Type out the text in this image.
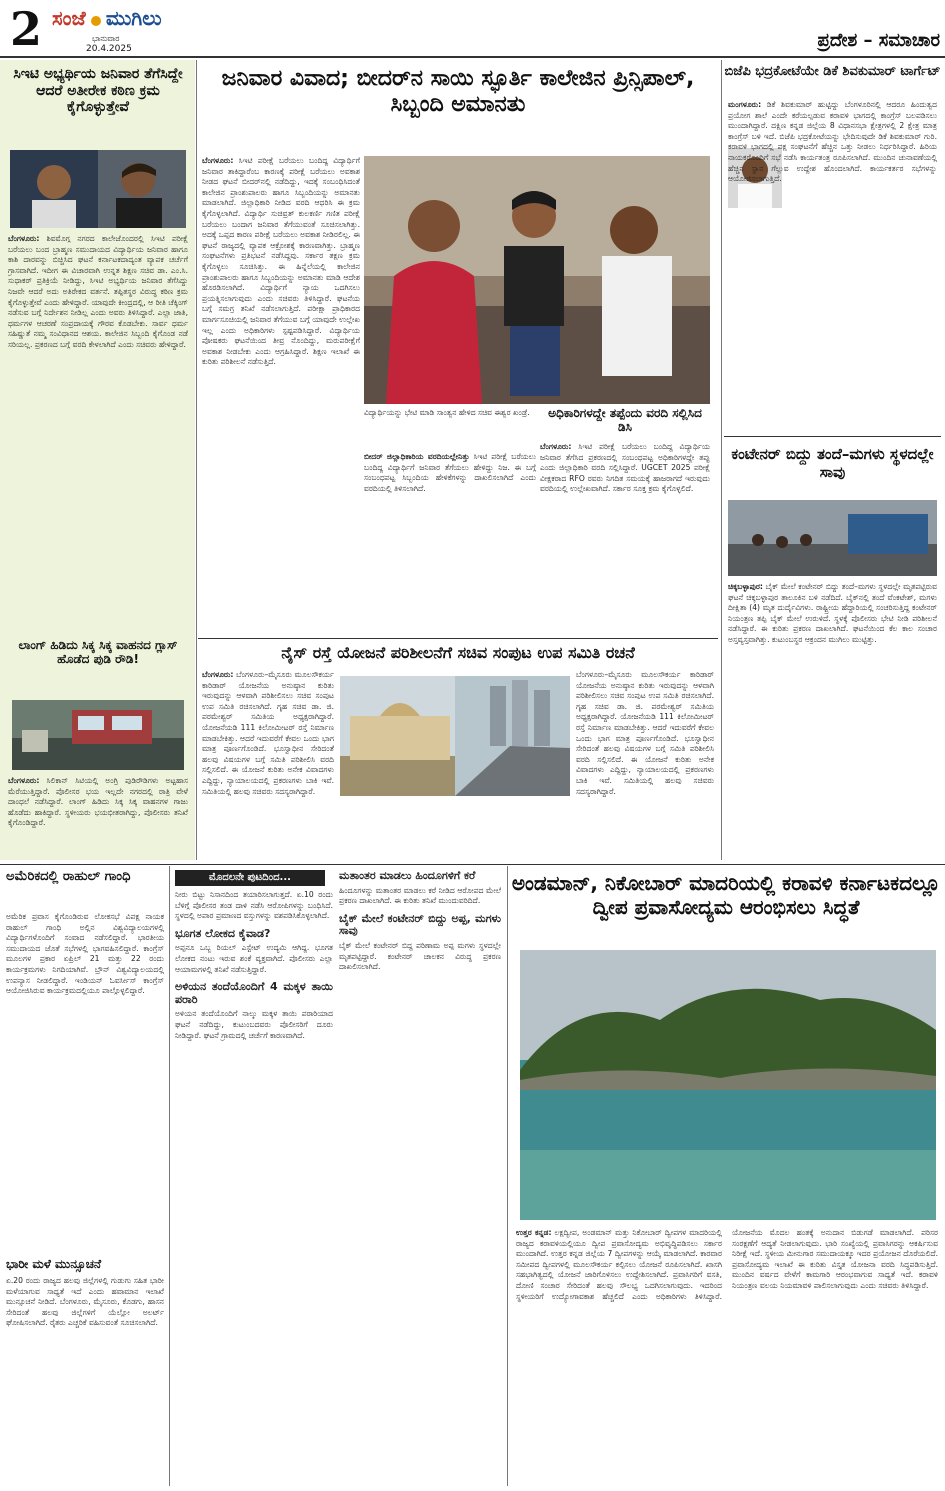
2 ಸಂಜೆ ಮುಗಿಲು
ಭಾನುವಾರ
20.4.2025	ಪ್ರದೇಶ – ಸಮಾಚಾರ
ಸಿಇಟಿ ಅಭ್ಯರ್ಥಿಯ ಜನಿವಾರ ತೆಗೆಸಿದ್ದೇ ಆದರೆ ಅತೀರೇಕ ಕಠಿಣ ಕ್ರಮ ಕೈಗೊಳ್ಳುತ್ತೇವೆ
ಬೆಂಗಳೂರು: ಶಿವಮೊಗ್ಗ ನಗರದ ಕಾಲೇಜೊಂದರಲ್ಲಿ ಸಿಇಟಿ ಪರೀಕ್ಷೆ ಬರೆಯಲು ಬಂದ ಬ್ರಾಹ್ಮಣ ಸಮುದಾಯದ ವಿದ್ಯಾರ್ಥಿಯ ಜನಿವಾರ ಹಾಗೂ ಕಾಶಿ ದಾರವನ್ನು ಬಿಚ್ಚಿಸಿದ ಘಟನೆ ಕರ್ನಾಟಕದಾದ್ಯಂತ ವ್ಯಾಪಕ ಚರ್ಚೆಗೆ ಗ್ರಾಸವಾಗಿದೆ. ಇದೀಗ ಈ ವಿಚಾರವಾಗಿ ಉನ್ನತ ಶಿಕ್ಷಣ ಸಚಿವ ಡಾ. ಎಂ.ಸಿ. ಸುಧಾಕರ್ ಪ್ರತಿಕ್ರಿಯೆ ನೀಡಿದ್ದು, ಸಿಇಟಿ ಅಭ್ಯರ್ಥಿಯ ಜನಿವಾರ ತೆಗೆಸಿದ್ದು ನಿಜವೇ ಆದರೆ ಅದು ಅತಿರೇಕದ ವರ್ತನೆ. ತಪ್ಪಿತಸ್ಥರ ವಿರುದ್ಧ ಕಠಿಣ ಕ್ರಮ ಕೈಗೊಳ್ಳುತ್ತೇವೆ ಎಂದು ಹೇಳಿದ್ದಾರೆ. ಯಾವುದೇ ಕೀಂದ್ರದಲ್ಲಿ, ಆ ರೀತಿ ಚೆಕ್ಕಿಂಗ್ ನಡೆಸುವ ಬಗ್ಗೆ ನಿರ್ದೇಶನ ನೀಡಿಲ್ಲ ಎಂದು ಅವರು ತಿಳಿಸಿದ್ದಾರೆ. ಎಲ್ಲಾ ಜಾತಿ, ಧರ್ಮಗಳ ಆಚರಣೆ ಸಂಪ್ರದಾಯಕ್ಕೆ ಗೌರವ ಕೊಡಬೇಕು. ಸಾರ್ವ ಧರ್ಮ ಸಹಿಷ್ಣುತೆ ನಮ್ಮ ಸಂವಿಧಾನದ ಆಶಯ. ಕಾಲೇಜಿನ ಸಿಬ್ಬಂದಿ ಕೈಗೊಂಡ ನಡೆ ಸರಿಯಲ್ಲ. ಪ್ರಕರಣದ ಬಗ್ಗೆ ವರದಿ ಕೇಳಲಾಗಿದೆ ಎಂದು ಸಚಿವರು ಹೇಳಿದ್ದಾರೆ.
ಲಾಂಗ್ ಹಿಡಿದು ಸಿಕ್ಕ ಸಿಕ್ಕ ವಾಹನದ ಗ್ಲಾಸ್ ಹೊಡೆದ ಪುಡಿ ರೌಡಿ!
ಬೆಂಗಳೂರು: ಸಿಲಿಕಾನ್ ಸಿಟಿಯಲ್ಲಿ ಅಂಗ್ರಿ ಪುಡಿರೌಡಿಗಳು ಅಟ್ಟಹಾಸ ಮೆರೆಯುತ್ತಿದ್ದಾರೆ. ಪೊಲೀಸರ ಭಯ ಇಲ್ಲದೇ ನಗರದಲ್ಲಿ ರಾತ್ರಿ ವೇಳೆ ದಾಂಧಲೆ ನಡೆಸಿದ್ದಾರೆ. ಲಾಂಗ್ ಹಿಡಿದು ಸಿಕ್ಕ ಸಿಕ್ಕ ವಾಹನಗಳ ಗಾಜು ಹೊಡೆದು ಹಾಕಿದ್ದಾರೆ. ಸ್ಥಳೀಯರು ಭಯಭೀತರಾಗಿದ್ದು, ಪೊಲೀಸರು ತನಿಖೆ ಕೈಗೊಂಡಿದ್ದಾರೆ.
ಜನಿವಾರ ವಿವಾದ; ಬೀದರ್‌ನ ಸಾಯಿ ಸ್ಫೂರ್ತಿ ಕಾಲೇಜಿನ ಪ್ರಿನ್ಸಿಪಾಲ್, ಸಿಬ್ಬಂದಿ ಅಮಾನತು
ಬೆಂಗಳೂರು: ಸಿಇಟಿ ಪರೀಕ್ಷೆ ಬರೆಯಲು ಬಂದಿದ್ದ ವಿದ್ಯಾರ್ಥಿಗೆ ಜನಿವಾರ ತಾಕಿದ್ದಾರೆಂಬ ಕಾರಣಕ್ಕೆ ಪರೀಕ್ಷೆ ಬರೆಯಲು ಅವಕಾಶ ನೀಡದ ಘಟನೆ ಬೀದರ್‌ನಲ್ಲಿ ನಡೆದಿದ್ದು, ಇದಕ್ಕೆ ಸಂಬಂಧಿಸಿದಂತೆ ಕಾಲೇಜಿನ ಪ್ರಾಂಶುಪಾಲರು ಹಾಗೂ ಸಿಬ್ಬಂದಿಯನ್ನು ಅಮಾನತು ಮಾಡಲಾಗಿದೆ. ಜಿಲ್ಲಾಧಿಕಾರಿ ನೀಡಿದ ವರದಿ ಆಧರಿಸಿ ಈ ಕ್ರಮ ಕೈಗೊಳ್ಳಲಾಗಿದೆ. ವಿದ್ಯಾರ್ಥಿ ಸುಚಿವ್ರತ್ ಕುಲಕರ್ಣಿ ಗಣಿತ ಪರೀಕ್ಷೆ ಬರೆಯಲು ಬಂದಾಗ ಜನಿವಾರ ತೆಗೆಯುವಂತೆ ಸೂಚಿಸಲಾಗಿತ್ತು. ಅದಕ್ಕೆ ಒಪ್ಪದ ಕಾರಣ ಪರೀಕ್ಷೆ ಬರೆಯಲು ಅವಕಾಶ ನೀಡಿರಲಿಲ್ಲ. ಈ ಘಟನೆ ರಾಜ್ಯದಲ್ಲಿ ವ್ಯಾಪಕ ಆಕ್ರೋಶಕ್ಕೆ ಕಾರಣವಾಗಿತ್ತು. ಬ್ರಾಹ್ಮಣ ಸಂಘಟನೆಗಳು ಪ್ರತಿಭಟನೆ ನಡೆಸಿದ್ದವು. ಸರ್ಕಾರ ತಕ್ಷಣ ಕ್ರಮ ಕೈಗೊಳ್ಳಲು ಸೂಚಿಸಿತ್ತು. ಈ ಹಿನ್ನೆಲೆಯಲ್ಲಿ ಕಾಲೇಜಿನ ಪ್ರಾಂಶುಪಾಲರು ಹಾಗೂ ಸಿಬ್ಬಂದಿಯನ್ನು ಅಮಾನತು ಮಾಡಿ ಆದೇಶ ಹೊರಡಿಸಲಾಗಿದೆ. ವಿದ್ಯಾರ್ಥಿಗೆ ನ್ಯಾಯ ಒದಗಿಸಲು ಪ್ರಯತ್ನಿಸಲಾಗುವುದು ಎಂದು ಸಚಿವರು ತಿಳಿಸಿದ್ದಾರೆ. ಘಟನೆಯ ಬಗ್ಗೆ ಸಮಗ್ರ ತನಿಖೆ ನಡೆಸಲಾಗುತ್ತಿದೆ. ಪರೀಕ್ಷಾ ಪ್ರಾಧಿಕಾರದ ಮಾರ್ಗಸೂಚಿಯಲ್ಲಿ ಜನಿವಾರ ತೆಗೆಯುವ ಬಗ್ಗೆ ಯಾವುದೇ ಉಲ್ಲೇಖ ಇಲ್ಲ ಎಂದು ಅಧಿಕಾರಿಗಳು ಸ್ಪಷ್ಟಪಡಿಸಿದ್ದಾರೆ. ವಿದ್ಯಾರ್ಥಿಯ ಪೋಷಕರು ಘಟನೆಯಿಂದ ತೀವ್ರ ನೊಂದಿದ್ದು, ಮರುಪರೀಕ್ಷೆಗೆ ಅವಕಾಶ ನೀಡಬೇಕು ಎಂದು ಆಗ್ರಹಿಸಿದ್ದಾರೆ. ಶಿಕ್ಷಣ ಇಲಾಖೆ ಈ ಕುರಿತು ಪರಿಶೀಲನೆ ನಡೆಸುತ್ತಿದೆ.
ವಿದ್ಯಾರ್ಥಿಯನ್ನು ಭೇಟಿ ಮಾಡಿ ಸಾಂತ್ವನ ಹೇಳಿದ ಸಚಿವ ಈಶ್ವರ ಖಂಡ್ರೆ.
ಬೀದರ್ ಜಿಲ್ಲಾಧಿಕಾರಿಯ ವರದಿಯಲ್ಲೇನಿತ್ತು ಸಿಇಟಿ ಪರೀಕ್ಷೆ ಬರೆಯಲು ಬಂದಿದ್ದ ವಿದ್ಯಾರ್ಥಿಗೆ ಜನಿವಾರ ತೆಗೆಯಲು ಹೇಳಿದ್ದು ನಿಜ. ಈ ಬಗ್ಗೆ ಸಂಬಂಧಪಟ್ಟ ಸಿಬ್ಬಂದಿಯ ಹೇಳಿಕೆಗಳನ್ನು ದಾಖಲಿಸಲಾಗಿದೆ ಎಂದು ವರದಿಯಲ್ಲಿ ತಿಳಿಸಲಾಗಿದೆ.
ಅಧಿಕಾರಿಗಳದ್ದೇ ತಪ್ಪೆಂದು ವರದಿ ಸಲ್ಲಿಸಿದ ಡಿಸಿ
ಬೆಂಗಳೂರು: ಸಿಇಟಿ ಪರೀಕ್ಷೆ ಬರೆಯಲು ಬಂದಿದ್ದ ವಿದ್ಯಾರ್ಥಿಯ ಜನಿವಾರ ತೆಗೆಸಿದ ಪ್ರಕರಣದಲ್ಲಿ ಸಂಬಂಧಪಟ್ಟ ಅಧಿಕಾರಿಗಳದ್ದೇ ತಪ್ಪು ಎಂದು ಜಿಲ್ಲಾಧಿಕಾರಿ ವರದಿ ಸಲ್ಲಿಸಿದ್ದಾರೆ. UGCET 2025 ಪರೀಕ್ಷೆ ವೀಕ್ಷಕರಾದ RFO ರವರು ನಿಗದಿತ ಸಮಯಕ್ಕೆ ಹಾಜರಾಗದೆ ಇರುವುದು ವರದಿಯಲ್ಲಿ ಉಲ್ಲೇಖವಾಗಿದೆ. ಸರ್ಕಾರ ಸೂಕ್ತ ಕ್ರಮ ಕೈಗೊಳ್ಳಲಿದೆ.
ಬಿಜೆಪಿ ಭದ್ರಕೋಟೆಯೇ ಡಿಕೆ ಶಿವಕುಮಾರ್ ಟಾರ್ಗೆಟ್
ಮಂಗಳೂರು: ಡಿಕೆ ಶಿವಕುಮಾರ್ ಹುಟ್ಟಿದ್ದು ಬೆಂಗಳೂರಿನಲ್ಲಿ ಆದರೂ ಹಿಂದುತ್ವದ ಪ್ರಯೋಗ ಶಾಲೆ ಎಂದೇ ಕರೆಯಲ್ಪಡುವ ಕರಾವಳಿ ಭಾಗದಲ್ಲಿ ಕಾಂಗ್ರೆಸ್ ಬಲಪಡಿಸಲು ಮುಂದಾಗಿದ್ದಾರೆ. ದಕ್ಷಿಣ ಕನ್ನಡ ಜಿಲ್ಲೆಯ 8 ವಿಧಾನಸಭಾ ಕ್ಷೇತ್ರಗಳಲ್ಲಿ 2 ಕ್ಷೇತ್ರ ಮಾತ್ರ ಕಾಂಗ್ರೆಸ್ ಬಳಿ ಇದೆ. ಬಿಜೆಪಿ ಭದ್ರಕೋಟೆಯನ್ನು ಭೇದಿಸುವುದೇ ಡಿಕೆ ಶಿವಕುಮಾರ್ ಗುರಿ. ಕರಾವಳಿ ಭಾಗದಲ್ಲಿ ಪಕ್ಷ ಸಂಘಟನೆಗೆ ಹೆಚ್ಚಿನ ಒತ್ತು ನೀಡಲು ನಿರ್ಧರಿಸಿದ್ದಾರೆ. ಹಿರಿಯ ನಾಯಕರೊಂದಿಗೆ ಸಭೆ ನಡೆಸಿ ಕಾರ್ಯತಂತ್ರ ರೂಪಿಸಲಾಗಿದೆ. ಮುಂದಿನ ಚುನಾವಣೆಯಲ್ಲಿ ಹೆಚ್ಚಿನ ಸ್ಥಾನ ಗೆಲ್ಲುವ ಉದ್ದೇಶ ಹೊಂದಲಾಗಿದೆ. ಕಾರ್ಯಕರ್ತರ ಸಭೆಗಳನ್ನು ಆಯೋಜಿಸಲಾಗುತ್ತಿದೆ.
ಕಂಟೇನರ್ ಬಿದ್ದು ತಂದೆ–ಮಗಳು ಸ್ಥಳದಲ್ಲೇ ಸಾವು
ಚಿಕ್ಕಬಳ್ಳಾಪುರ: ಬೈಕ್ ಮೇಲೆ ಕಂಟೇನರ್ ಬಿದ್ದು ತಂದೆ–ಮಗಳು ಸ್ಥಳದಲ್ಲೇ ಮೃತಪಟ್ಟಿರುವ ಘಟನೆ ಚಿಕ್ಕಬಳ್ಳಾಪುರ ತಾಲೂಕಿನ ಬಳಿ ನಡೆದಿದೆ. ಬೈಕ್‌ನಲ್ಲಿ ತಂದೆ ವೆಂಕಟೇಶ್, ಮಗಳು ದೀಕ್ಷಿತಾ (4) ಮೃತ ದುರ್ದೈವಿಗಳು. ರಾಷ್ಟ್ರೀಯ ಹೆದ್ದಾರಿಯಲ್ಲಿ ಸಂಚರಿಸುತ್ತಿದ್ದ ಕಂಟೇನರ್ ನಿಯಂತ್ರಣ ತಪ್ಪಿ ಬೈಕ್ ಮೇಲೆ ಉರುಳಿದೆ. ಸ್ಥಳಕ್ಕೆ ಪೊಲೀಸರು ಭೇಟಿ ನೀಡಿ ಪರಿಶೀಲನೆ ನಡೆಸಿದ್ದಾರೆ. ಈ ಕುರಿತು ಪ್ರಕರಣ ದಾಖಲಾಗಿದೆ. ಘಟನೆಯಿಂದ ಕೆಲ ಕಾಲ ಸಂಚಾರ ಅಸ್ತವ್ಯಸ್ತವಾಗಿತ್ತು. ಕುಟುಂಬಸ್ಥರ ಆಕ್ರಂದನ ಮುಗಿಲು ಮುಟ್ಟಿತ್ತು.
ನೈಸ್ ರಸ್ತೆ ಯೋಜನೆ ಪರಿಶೀಲನೆಗೆ ಸಚಿವ ಸಂಪುಟ ಉಪ ಸಮಿತಿ ರಚನೆ
ಬೆಂಗಳೂರು: ಬೆಂಗಳೂರು–ಮೈಸೂರು ಮೂಲಸೌಕರ್ಯ ಕಾರಿಡಾರ್ ಯೋಜನೆಯ ಅನುಷ್ಠಾನ ಕುರಿತು ಇರುವುದನ್ನು ಆಳವಾಗಿ ಪರಿಶೀಲಿಸಲು ಸಚಿವ ಸಂಪುಟ ಉಪ ಸಮಿತಿ ರಚಿಸಲಾಗಿದೆ. ಗೃಹ ಸಚಿವ ಡಾ. ಜಿ. ಪರಮೇಶ್ವರ್ ಸಮಿತಿಯ ಅಧ್ಯಕ್ಷರಾಗಿದ್ದಾರೆ. ಯೋಜನೆಯಡಿ 111 ಕಿಲೋಮೀಟರ್ ರಸ್ತೆ ನಿರ್ಮಾಣ ಮಾಡಬೇಕಿತ್ತು. ಆದರೆ ಇದುವರೆಗೆ ಕೇವಲ ಒಂದು ಭಾಗ ಮಾತ್ರ ಪೂರ್ಣಗೊಂಡಿದೆ. ಭೂಸ್ವಾಧೀನ ಸೇರಿದಂತೆ ಹಲವು ವಿಷಯಗಳ ಬಗ್ಗೆ ಸಮಿತಿ ಪರಿಶೀಲಿಸಿ ವರದಿ ಸಲ್ಲಿಸಲಿದೆ. ಈ ಯೋಜನೆ ಕುರಿತು ಅನೇಕ ವಿವಾದಗಳು ಎದ್ದಿದ್ದು, ನ್ಯಾಯಾಲಯದಲ್ಲಿ ಪ್ರಕರಣಗಳು ಬಾಕಿ ಇವೆ. ಸಮಿತಿಯಲ್ಲಿ ಹಲವು ಸಚಿವರು ಸದಸ್ಯರಾಗಿದ್ದಾರೆ.
ಬೆಂಗಳೂರು–ಮೈಸೂರು ಮೂಲಸೌಕರ್ಯ ಕಾರಿಡಾರ್ ಯೋಜನೆಯ ಅನುಷ್ಠಾನ ಕುರಿತು ಇರುವುದನ್ನು ಆಳವಾಗಿ ಪರಿಶೀಲಿಸಲು ಸಚಿವ ಸಂಪುಟ ಉಪ ಸಮಿತಿ ರಚಿಸಲಾಗಿದೆ. ಗೃಹ ಸಚಿವ ಡಾ. ಜಿ. ಪರಮೇಶ್ವರ್ ಸಮಿತಿಯ ಅಧ್ಯಕ್ಷರಾಗಿದ್ದಾರೆ. ಯೋಜನೆಯಡಿ 111 ಕಿಲೋಮೀಟರ್ ರಸ್ತೆ ನಿರ್ಮಾಣ ಮಾಡಬೇಕಿತ್ತು. ಆದರೆ ಇದುವರೆಗೆ ಕೇವಲ ಒಂದು ಭಾಗ ಮಾತ್ರ ಪೂರ್ಣಗೊಂಡಿದೆ. ಭೂಸ್ವಾಧೀನ ಸೇರಿದಂತೆ ಹಲವು ವಿಷಯಗಳ ಬಗ್ಗೆ ಸಮಿತಿ ಪರಿಶೀಲಿಸಿ ವರದಿ ಸಲ್ಲಿಸಲಿದೆ. ಈ ಯೋಜನೆ ಕುರಿತು ಅನೇಕ ವಿವಾದಗಳು ಎದ್ದಿದ್ದು, ನ್ಯಾಯಾಲಯದಲ್ಲಿ ಪ್ರಕರಣಗಳು ಬಾಕಿ ಇವೆ. ಸಮಿತಿಯಲ್ಲಿ ಹಲವು ಸಚಿವರು ಸದಸ್ಯರಾಗಿದ್ದಾರೆ.
ಅಮೆರಿಕದಲ್ಲಿ ರಾಹುಲ್ ಗಾಂಧಿ
ಅಮೆರಿಕ ಪ್ರವಾಸ ಕೈಗೊಂಡಿರುವ ಲೋಕಸಭೆ ವಿಪಕ್ಷ ನಾಯಕ ರಾಹುಲ್ ಗಾಂಧಿ ಅಲ್ಲಿನ ವಿಶ್ವವಿದ್ಯಾಲಯಗಳಲ್ಲಿ ವಿದ್ಯಾರ್ಥಿಗಳೊಂದಿಗೆ ಸಂವಾದ ನಡೆಸಲಿದ್ದಾರೆ. ಭಾರತೀಯ ಸಮುದಾಯದ ಜೊತೆ ಸಭೆಗಳಲ್ಲಿ ಭಾಗವಹಿಸಲಿದ್ದಾರೆ. ಕಾಂಗ್ರೆಸ್ ಮೂಲಗಳ ಪ್ರಕಾರ ಏಪ್ರಿಲ್ 21 ಮತ್ತು 22 ರಂದು ಕಾರ್ಯಕ್ರಮಗಳು ನಿಗದಿಯಾಗಿವೆ. ಬ್ರೌನ್ ವಿಶ್ವವಿದ್ಯಾಲಯದಲ್ಲಿ ಉಪನ್ಯಾಸ ನೀಡಲಿದ್ದಾರೆ. ಇಂಡಿಯನ್ ಓವರ್ಸೀಸ್ ಕಾಂಗ್ರೆಸ್ ಆಯೋಜಿಸಿರುವ ಕಾರ್ಯಕ್ರಮದಲ್ಲಿಯೂ ಪಾಲ್ಗೊಳ್ಳಲಿದ್ದಾರೆ.
ಭಾರೀ ಮಳೆ ಮುನ್ಸೂಚನೆ
ಏ.20 ರಂದು ರಾಜ್ಯದ ಹಲವು ಜಿಲ್ಲೆಗಳಲ್ಲಿ ಗುಡುಗು ಸಹಿತ ಭಾರೀ ಮಳೆಯಾಗುವ ಸಾಧ್ಯತೆ ಇದೆ ಎಂದು ಹವಾಮಾನ ಇಲಾಖೆ ಮುನ್ಸೂಚನೆ ನೀಡಿದೆ. ಬೆಂಗಳೂರು, ಮೈಸೂರು, ಕೊಡಗು, ಹಾಸನ ಸೇರಿದಂತೆ ಹಲವು ಜಿಲ್ಲೆಗಳಿಗೆ ಯೆಲ್ಲೋ ಅಲರ್ಟ್ ಘೋಷಿಸಲಾಗಿದೆ. ರೈತರು ಎಚ್ಚರಿಕೆ ವಹಿಸುವಂತೆ ಸೂಚಿಸಲಾಗಿದೆ.
ಮೊದಲನೇ ಪುಟದಿಂದ...
ನೀರು ಬಿಟ್ಟು ನಿಸಾನದಿಂದ ತಯಾರಿಸಲಾಗುತ್ತದೆ. ಏ.10 ರಂದು ಬೆಳಿಗ್ಗೆ ಪೊಲೀಸರ ತಂಡ ದಾಳಿ ನಡೆಸಿ ಆರೋಪಿಗಳನ್ನು ಬಂಧಿಸಿದೆ. ಸ್ಥಳದಲ್ಲಿ ಅಪಾರ ಪ್ರಮಾಣದ ವಸ್ತುಗಳನ್ನು ವಶಪಡಿಸಿಕೊಳ್ಳಲಾಗಿದೆ.
ಭೂಗತ ಲೋಕದ ಕೈವಾಡ?
ಅಪ್ಪನೂ ಒಬ್ಬ ರಿಯಲ್ ಎಸ್ಟೇಟ್ ಉದ್ಯಮಿ ಆಗಿದ್ದ. ಭೂಗತ ಲೋಕದ ನಂಟು ಇರುವ ಶಂಕೆ ವ್ಯಕ್ತವಾಗಿದೆ. ಪೊಲೀಸರು ಎಲ್ಲಾ ಆಯಾಮಗಳಲ್ಲಿ ತನಿಖೆ ನಡೆಸುತ್ತಿದ್ದಾರೆ.
ಅಳಿಯನ ತಂದೆಯೊಂದಿಗೆ 4 ಮಕ್ಕಳ ತಾಯಿ ಪರಾರಿ
ಅಳಿಯನ ತಂದೆಯೊಂದಿಗೆ ನಾಲ್ಕು ಮಕ್ಕಳ ತಾಯಿ ಪರಾರಿಯಾದ ಘಟನೆ ನಡೆದಿದ್ದು, ಕುಟುಂಬದವರು ಪೊಲೀಸರಿಗೆ ದೂರು ನೀಡಿದ್ದಾರೆ. ಘಟನೆ ಗ್ರಾಮದಲ್ಲಿ ಚರ್ಚೆಗೆ ಕಾರಣವಾಗಿದೆ.
ಮತಾಂತರ ಮಾಡಲು ಹಿಂದೂಗಳಿಗೆ ಕರೆ
ಹಿಂದೂಗಳನ್ನು ಮತಾಂತರ ಮಾಡಲು ಕರೆ ನೀಡಿದ ಆರೋಪದ ಮೇಲೆ ಪ್ರಕರಣ ದಾಖಲಾಗಿದೆ. ಈ ಕುರಿತು ತನಿಖೆ ಮುಂದುವರಿದಿದೆ.
ಬೈಕ್ ಮೇಲೆ ಕಂಟೇನರ್ ಬಿದ್ದು ಅಪ್ಪ, ಮಗಳು ಸಾವು
ಬೈಕ್ ಮೇಲೆ ಕಂಟೇನರ್ ಬಿದ್ದ ಪರಿಣಾಮ ಅಪ್ಪ ಮಗಳು ಸ್ಥಳದಲ್ಲೇ ಮೃತಪಟ್ಟಿದ್ದಾರೆ. ಕಂಟೇನರ್ ಚಾಲಕನ ವಿರುದ್ಧ ಪ್ರಕರಣ ದಾಖಲಿಸಲಾಗಿದೆ.
ಅಂಡಮಾನ್, ನಿಕೋಬಾರ್ ಮಾದರಿಯಲ್ಲಿ ಕರಾವಳಿ ಕರ್ನಾಟಕದಲ್ಲೂ ದ್ವೀಪ ಪ್ರವಾಸೋದ್ಯಮ ಆರಂಭಿಸಲು ಸಿದ್ಧತೆ
ಉತ್ತರ ಕನ್ನಡ: ಲಕ್ಷದ್ವೀಪ, ಅಂಡಮಾನ್ ಮತ್ತು ನಿಕೋಬಾರ್ ದ್ವೀಪಗಳ ಮಾದರಿಯಲ್ಲಿ ರಾಜ್ಯದ ಕರಾವಳಿಯಲ್ಲಿಯೂ ದ್ವೀಪ ಪ್ರವಾಸೋದ್ಯಮ ಅಭಿವೃದ್ಧಿಪಡಿಸಲು ಸರ್ಕಾರ ಮುಂದಾಗಿದೆ. ಉತ್ತರ ಕನ್ನಡ ಜಿಲ್ಲೆಯ 7 ದ್ವೀಪಗಳನ್ನು ಆಯ್ಕೆ ಮಾಡಲಾಗಿದೆ. ಕಾರವಾರ ಸಮೀಪದ ದ್ವೀಪಗಳಲ್ಲಿ ಮೂಲಸೌಕರ್ಯ ಕಲ್ಪಿಸಲು ಯೋಜನೆ ರೂಪಿಸಲಾಗಿದೆ. ಖಾಸಗಿ ಸಹಭಾಗಿತ್ವದಲ್ಲಿ ಯೋಜನೆ ಜಾರಿಗೊಳಿಸಲು ಉದ್ದೇಶಿಸಲಾಗಿದೆ. ಪ್ರವಾಸಿಗರಿಗೆ ವಸತಿ, ದೋಣಿ ಸಂಚಾರ ಸೇರಿದಂತೆ ಹಲವು ಸೌಲಭ್ಯ ಒದಗಿಸಲಾಗುವುದು. ಇದರಿಂದ ಸ್ಥಳೀಯರಿಗೆ ಉದ್ಯೋಗಾವಕಾಶ ಹೆಚ್ಚಲಿದೆ ಎಂದು ಅಧಿಕಾರಿಗಳು ತಿಳಿಸಿದ್ದಾರೆ. ಯೋಜನೆಯ ಮೊದಲ ಹಂತಕ್ಕೆ ಅನುದಾನ ಬಿಡುಗಡೆ ಮಾಡಲಾಗಿದೆ. ಪರಿಸರ ಸಂರಕ್ಷಣೆಗೆ ಆದ್ಯತೆ ನೀಡಲಾಗುವುದು. ಭಾರಿ ಸಂಖ್ಯೆಯಲ್ಲಿ ಪ್ರವಾಸಿಗರನ್ನು ಆಕರ್ಷಿಸುವ ನಿರೀಕ್ಷೆ ಇದೆ. ಸ್ಥಳೀಯ ಮೀನುಗಾರ ಸಮುದಾಯಕ್ಕೂ ಇದರ ಪ್ರಯೋಜನ ದೊರೆಯಲಿದೆ. ಪ್ರವಾಸೋದ್ಯಮ ಇಲಾಖೆ ಈ ಕುರಿತು ವಿಸ್ತೃತ ಯೋಜನಾ ವರದಿ ಸಿದ್ಧಪಡಿಸುತ್ತಿದೆ. ಮುಂದಿನ ವರ್ಷದ ವೇಳೆಗೆ ಕಾಮಗಾರಿ ಆರಂಭವಾಗುವ ಸಾಧ್ಯತೆ ಇದೆ. ಕರಾವಳಿ ನಿಯಂತ್ರಣ ವಲಯ ನಿಯಮಾವಳಿ ಪಾಲಿಸಲಾಗುವುದು ಎಂದು ಸಚಿವರು ತಿಳಿಸಿದ್ದಾರೆ.
